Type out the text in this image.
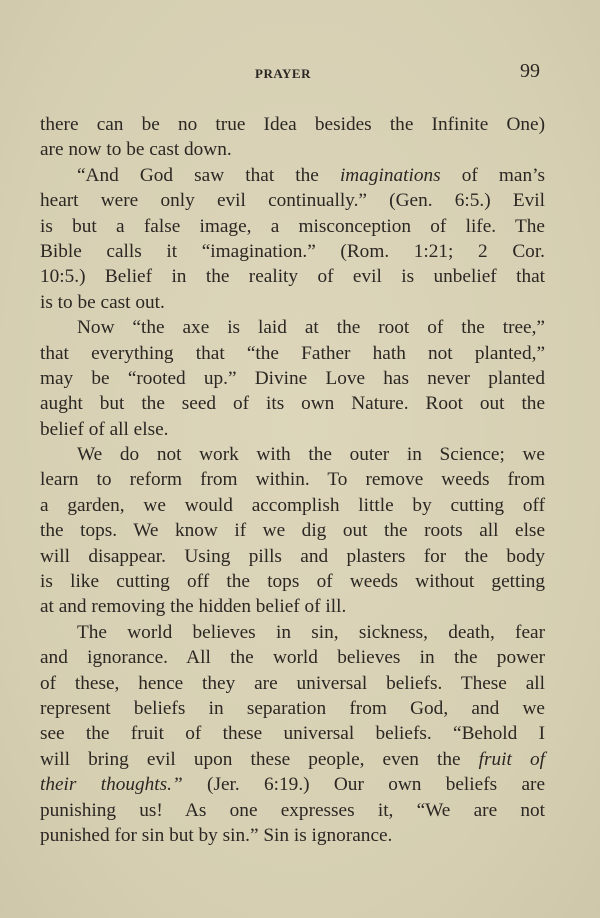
PRAYER	99
there can be no true Idea besides the Infinite One)
are now to be cast down.
“And God saw that the imaginations of man’s
heart were only evil continually.” (Gen. 6:5.) Evil
is but a false image, a misconception of life. The
Bible calls it “imagination.” (Rom. 1:21; 2 Cor.
10:5.) Belief in the reality of evil is unbelief that
is to be cast out.
Now “the axe is laid at the root of the tree,”
that everything that “the Father hath not planted,”
may be “rooted up.” Divine Love has never planted
aught but the seed of its own Nature. Root out the
belief of all else.
We do not work with the outer in Science; we
learn to reform from within. To remove weeds from
a garden, we would accomplish little by cutting off
the tops. We know if we dig out the roots all else
will disappear. Using pills and plasters for the body
is like cutting off the tops of weeds without getting
at and removing the hidden belief of ill.
The world believes in sin, sickness, death, fear
and ignorance. All the world believes in the power
of these, hence they are universal beliefs. These all
represent beliefs in separation from God, and we
see the fruit of these universal beliefs. “Behold I
will bring evil upon these people, even the fruit of
their thoughts.” (Jer. 6:19.) Our own beliefs are
punishing us! As one expresses it, “We are not
punished for sin but by sin.” Sin is ignorance.
